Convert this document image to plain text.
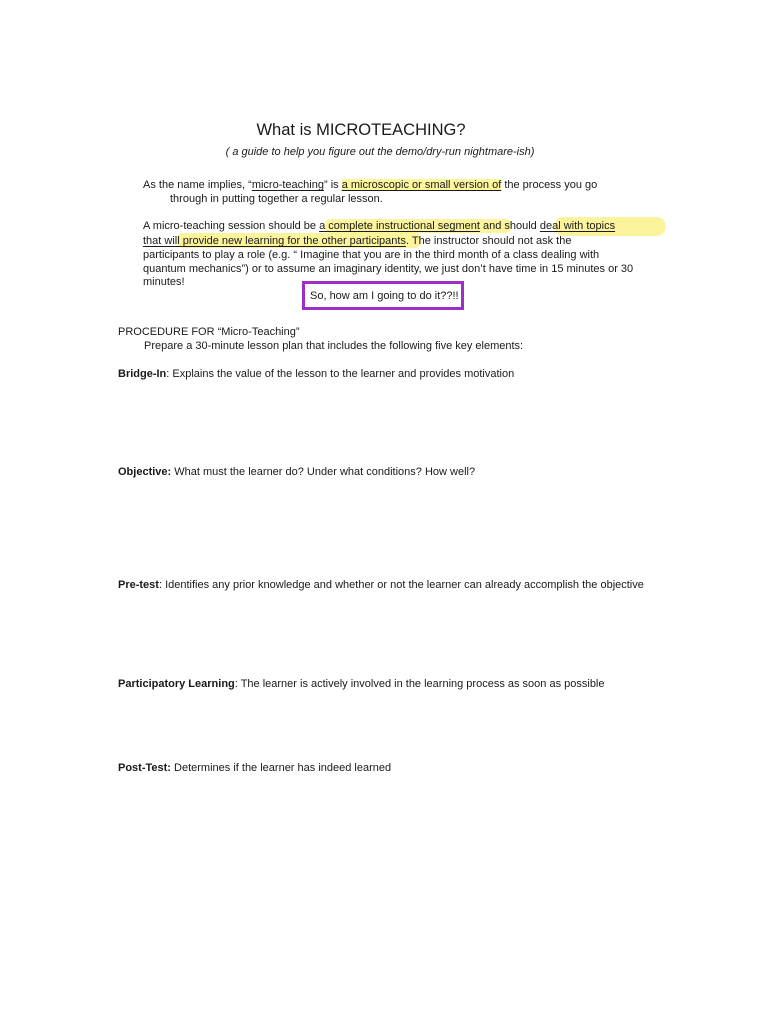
What is MICROTEACHING?
( a guide to help you figure out the demo/dry-run nightmare-ish)
As the name implies, “micro-teaching” is a microscopic or small version of the process you go
through in putting together a regular lesson.
A micro-teaching session should be a complete instructional segment and should deal with topics
that will provide new learning for the other participants. The instructor should not ask the
participants to play a role (e.g. “ Imagine that you are in the third month of a class dealing with
quantum mechanics”) or to assume an imaginary identity, we just don’t have time in 15 minutes or 30
minutes!
So, how am I going to do it??!!
PROCEDURE FOR “Micro-Teaching”
Prepare a 30-minute lesson plan that includes the following five key elements:
Bridge-In: Explains the value of the lesson to the learner and provides motivation
Objective: What must the learner do? Under what conditions? How well?
Pre-test: Identifies any prior knowledge and whether or not the learner can already accomplish the objective
Participatory Learning: The learner is actively involved in the learning process as soon as possible
Post-Test: Determines if the learner has indeed learned
